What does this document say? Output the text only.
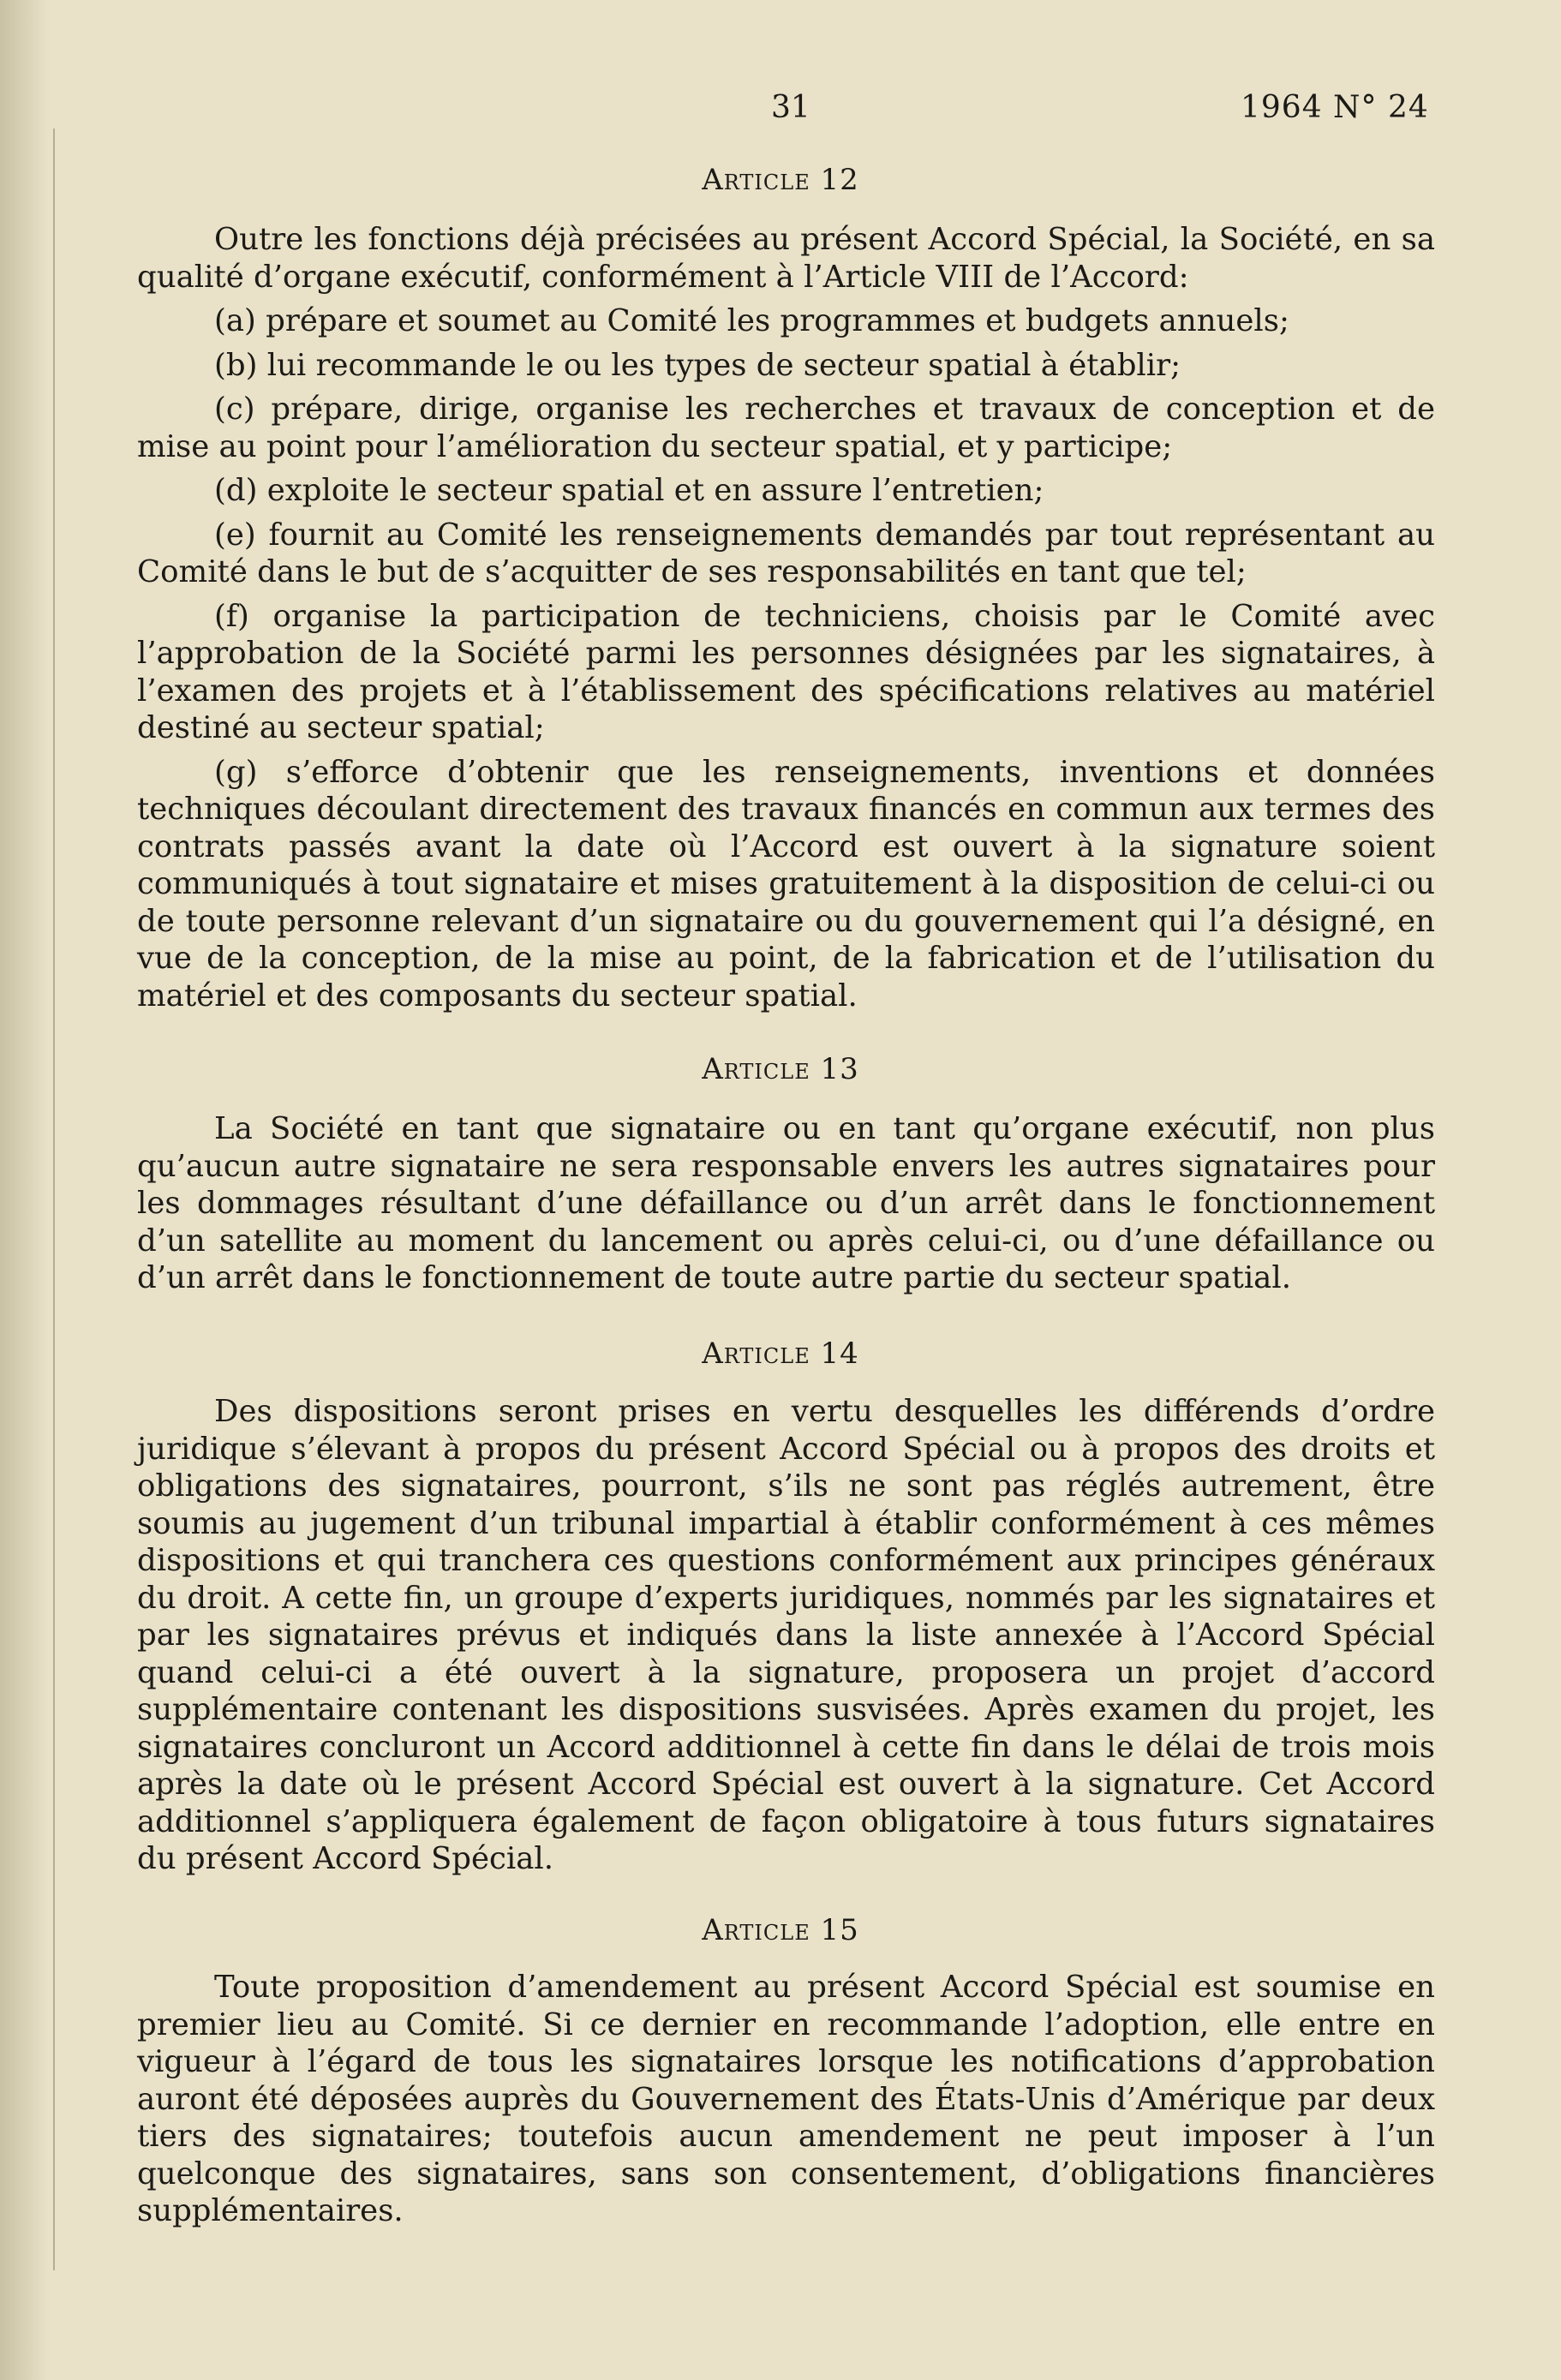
31	1964 N° 24
Article 12

Outre les fonctions déjà précisées au présent Accord Spécial, la Société, en sa qualité d’organe exécutif, conformément à l’Article VIII de l’Accord:

(a) prépare et soumet au Comité les programmes et budgets annuels;

(b) lui recommande le ou les types de secteur spatial à établir;

(c) prépare, dirige, organise les recherches et travaux de conception et de mise au point pour l’amélioration du secteur spatial, et y participe;

(d) exploite le secteur spatial et en assure l’entretien;

(e) fournit au Comité les renseignements demandés par tout représentant au Comité dans le but de s’acquitter de ses responsabilités en tant que tel;

(f) organise la participation de techniciens, choisis par le Comité avec l’approbation de la Société parmi les personnes désignées par les signataires, à l’examen des projets et à l’établissement des spécifications relatives au matériel destiné au secteur spatial;

(g) s’efforce d’obtenir que les renseignements, inventions et données techniques découlant directement des travaux financés en commun aux termes des contrats passés avant la date où l’Accord est ouvert à la signature soient communiqués à tout signataire et mises gratuitement à la disposition de celui-ci ou de toute personne relevant d’un signataire ou du gouvernement qui l’a désigné, en vue de la conception, de la mise au point, de la fabrication et de l’utilisation du matériel et des composants du secteur spatial.

Article 13

La Société en tant que signataire ou en tant qu’organe exécutif, non plus qu’aucun autre signataire ne sera responsable envers les autres signataires pour les dommages résultant d’une défaillance ou d’un arrêt dans le fonctionnement d’un satellite au moment du lancement ou après celui-ci, ou d’une défaillance ou d’un arrêt dans le fonctionnement de toute autre partie du secteur spatial.

Article 14

Des dispositions seront prises en vertu desquelles les différends d’ordre juridique s’élevant à propos du présent Accord Spécial ou à propos des droits et obligations des signataires, pourront, s’ils ne sont pas réglés autrement, être soumis au jugement d’un tribunal impartial à établir conformément à ces mêmes dispositions et qui tranchera ces questions conformément aux principes généraux du droit. A cette fin, un groupe d’experts juridiques, nommés par les signataires et par les signataires prévus et indiqués dans la liste annexée à l’Accord Spécial quand celui-ci a été ouvert à la signature, proposera un projet d’accord supplémentaire contenant les dispositions susvisées. Après examen du projet, les signataires concluront un Accord additionnel à cette fin dans le délai de trois mois après la date où le présent Accord Spécial est ouvert à la signature. Cet Accord additionnel s’appliquera également de façon obligatoire à tous futurs signataires du présent Accord Spécial.

Article 15

Toute proposition d’amendement au présent Accord Spécial est soumise en premier lieu au Comité. Si ce dernier en recommande l’adoption, elle entre en vigueur à l’égard de tous les signataires lorsque les notifications d’approbation auront été déposées auprès du Gouvernement des États-Unis d’Amérique par deux tiers des signataires; toutefois aucun amendement ne peut imposer à l’un quelconque des signataires, sans son consentement, d’obligations financières supplémentaires.
